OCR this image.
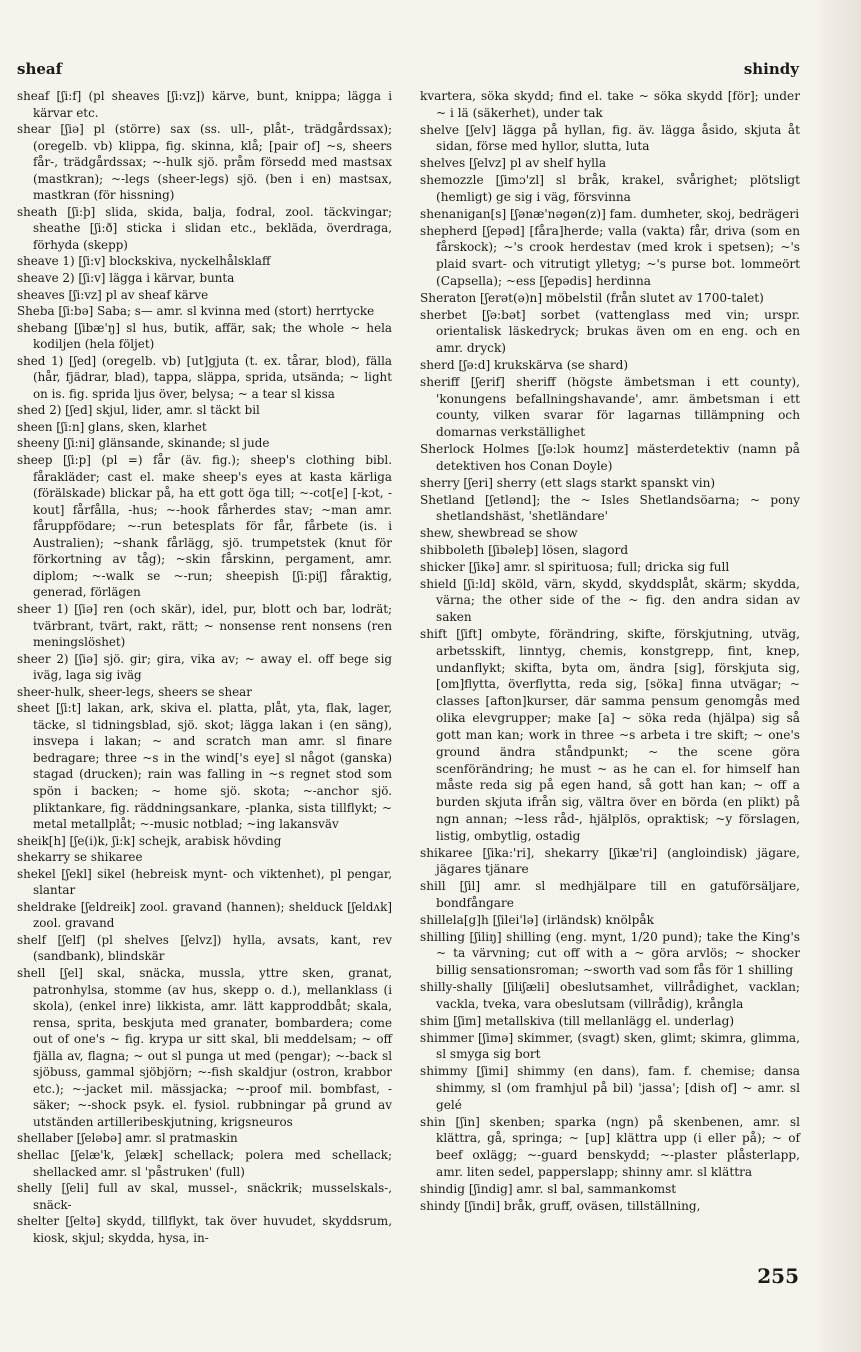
sheaf	shindy

sheaf [ʃi:f] (pl sheaves [ʃi:vz]) kärve, bunt, knippa; lägga i kärvar etc.

shear [ʃiə] pl (större) sax (ss. ull-, plåt-, trädgårdssax); (oregelb. vb) klippa, fig. skinna, klå; [pair of] ~s, sheers får-, trädgårdssax; ~-hulk sjö. pråm försedd med mastsax (mastkran); ~-legs (sheer-legs) sjö. (ben i en) mastsax, mastkran (för hissning)

sheath [ʃi:þ] slida, skida, balja, fodral, zool. täckvingar; sheathe [ʃi:ð] sticka i slidan etc., bekläda, överdraga, förhyda (skepp)

sheave 1) [ʃi:v] blockskiva, nyckelhålsklaff

sheave 2) [ʃi:v] lägga i kärvar, bunta

sheaves [ʃi:vz] pl av sheaf kärve

Sheba [ʃi:bə] Saba; s— amr. sl kvinna med (stort) herrtycke

shebang [ʃibæ'ŋ] sl hus, butik, affär, sak; the whole ~ hela kodiljen (hela följet)

shed 1) [ʃed] (oregelb. vb) [ut]gjuta (t. ex. tårar, blod), fälla (hår, fjädrar, blad), tappa, släppa, sprida, utsända; ~ light on is. fig. sprida ljus över, belysa; ~ a tear sl kissa

shed 2) [ʃed] skjul, lider, amr. sl täckt bil

sheen [ʃi:n] glans, sken, klarhet

sheeny [ʃi:ni] glänsande, skinande; sl jude

sheep [ʃi:p] (pl =) får (äv. fig.); sheep's clothing bibl. fårakläder; cast el. make sheep's eyes at kasta kärliga (förälskade) blickar på, ha ett gott öga till; ~-cot[e] [-kɔt, -kout] fårfålla, -hus; ~-hook fårherdes stav; ~man amr. fåruppfödare; ~-run betesplats för får, fårbete (is. i Australien); ~shank fårlägg, sjö. trumpetstek (knut för förkortning av tåg); ~skin fårskinn, pergament, amr. diplom; ~-walk se ~-run; sheepish [ʃi:piʃ] fåraktig, generad, förlägen

sheer 1) [ʃiə] ren (och skär), idel, pur, blott och bar, lodrät; tvärbrant, tvärt, rakt, rätt; ~ nonsense rent nonsens (ren meningslöshet)

sheer 2) [ʃiə] sjö. gir; gira, vika av; ~ away el. off bege sig iväg, laga sig iväg

sheer-hulk, sheer-legs, sheers se shear

sheet [ʃi:t] lakan, ark, skiva el. platta, plåt, yta, flak, lager, täcke, sl tidningsblad, sjö. skot; lägga lakan i (en säng), insvepa i lakan; ~ and scratch man amr. sl finare bedragare; three ~s in the wind['s eye] sl något (ganska) stagad (drucken); rain was falling in ~s regnet stod som spön i backen; ~ home sjö. skota; ~-anchor sjö. pliktankare, fig. räddningsankare, -planka, sista tillflykt; ~ metal metallplåt; ~-music notblad; ~ing lakansväv

sheik[h] [ʃe(i)k, ʃi:k] schejk, arabisk hövding

shekarry se shikaree

shekel [ʃekl] sikel (hebreisk mynt- och viktenhet), pl pengar, slantar

sheldrake [ʃeldreik] zool. gravand (hannen); shelduck [ʃeldʌk] zool. gravand

shelf [ʃelf] (pl shelves [ʃelvz]) hylla, avsats, kant, rev (sandbank), blindskär

shell [ʃel] skal, snäcka, mussla, yttre sken, granat, patronhylsa, stomme (av hus, skepp o. d.), mellanklass (i skola), (enkel inre) likkista, amr. lätt kapproddbåt; skala, rensa, sprita, beskjuta med granater, bombardera; come out of one's ~ fig. krypa ur sitt skal, bli meddelsam; ~ off fjälla av, flagna; ~ out sl punga ut med (pengar); ~-back sl sjöbuss, gammal sjöbjörn; ~-fish skaldjur (ostron, krabbor etc.); ~-jacket mil. mässjacka; ~-proof mil. bombfast, -säker; ~-shock psyk. el. fysiol. rubbningar på grund av utständen artilleribeskjutning, krigsneuros

shellaber [ʃeləbə] amr. sl pratmaskin

shellac [ʃelæ'k, ʃelæk] schellack; polera med schellack; shellacked amr. sl 'påstruken' (full)

shelly [ʃeli] full av skal, mussel-, snäckrik; musselskals-, snäck-

shelter [ʃeltə] skydd, tillflykt, tak över huvudet, skyddsrum, kiosk, skjul; skydda, hysa, in-

kvartera, söka skydd; find el. take ~ söka skydd [för]; under ~ i lä (säkerhet), under tak

shelve [ʃelv] lägga på hyllan, fig. äv. lägga åsido, skjuta åt sidan, förse med hyllor, slutta, luta

shelves [ʃelvz] pl av shelf hylla

shemozzle [ʃimɔ'zl] sl bråk, krakel, svårighet; plötsligt (hemligt) ge sig i väg, försvinna

shenanigan[s] [ʃənæ'nəgən(z)] fam. dumheter, skoj, bedrägeri

shepherd [ʃepəd] [fåra]herde; valla (vakta) får, driva (som en fårskock); ~'s crook herdestav (med krok i spetsen); ~'s plaid svart- och vitrutigt ylletyg; ~'s purse bot. lommeört (Capsella); ~ess [ʃepədis] herdinna

Sheraton [ʃerət(ə)n] möbelstil (från slutet av 1700-talet)

sherbet [ʃə:bət] sorbet (vattenglass med vin; urspr. orientalisk läskedryck; brukas även om en eng. och en amr. dryck)

sherd [ʃə:d] krukskärva (se shard)

sheriff [ʃerif] sheriff (högste ämbetsman i ett county), 'konungens befallningshavande', amr. ämbetsman i ett county, vilken svarar för lagarnas tillämpning och domarnas verkställighet

Sherlock Holmes [ʃə:lɔk houmz] mästerdetektiv (namn på detektiven hos Conan Doyle)

sherry [ʃeri] sherry (ett slags starkt spanskt vin)

Shetland [ʃetlənd]; the ~ Isles Shetlandsöarna; ~ pony shetlandshäst, 'shetländare'

shew, shewbread se show

shibboleth [ʃibəleþ] lösen, slagord

shicker [ʃikə] amr. sl spirituosa; full; dricka sig full

shield [ʃi:ld] sköld, värn, skydd, skyddsplåt, skärm; skydda, värna; the other side of the ~ fig. den andra sidan av saken

shift [ʃift] ombyte, förändring, skifte, förskjutning, utväg, arbetsskift, linntyg, chemis, konstgrepp, fint, knep, undanflykt; skifta, byta om, ändra [sig], förskjuta sig, [om]flytta, överflytta, reda sig, [söka] finna utvägar; ~ classes [afton]kurser, där samma pensum genomgås med olika elevgrupper; make [a] ~ söka reda (hjälpa) sig så gott man kan; work in three ~s arbeta i tre skift; ~ one's ground ändra ståndpunkt; ~ the scene göra scenförändring; he must ~ as he can el. for himself han måste reda sig på egen hand, så gott han kan; ~ off a burden skjuta ifrån sig, vältra över en börda (en plikt) på ngn annan; ~less råd-, hjälplös, opraktisk; ~y förslagen, listig, ombytlig, ostadig

shikaree [ʃika:'ri], shekarry [ʃikæ'ri] (angloindisk) jägare, jägares tjänare

shill [ʃil] amr. sl medhjälpare till en gatuförsäljare, bondfångare

shillela[g]h [ʃilei'lə] (irländsk) knölpåk

shilling [ʃiliŋ] shilling (eng. mynt, 1/20 pund); take the King's ~ ta värvning; cut off with a ~ göra arvlös; ~ shocker billig sensationsroman; ~sworth vad som fås för 1 shilling

shilly-shally [ʃiliʃæli] obeslutsamhet, villrådighet, vacklan; vackla, tveka, vara obeslutsam (villrådig), krångla

shim [ʃim] metallskiva (till mellanlägg el. underlag)

shimmer [ʃimə] skimmer, (svagt) sken, glimt; skimra, glimma, sl smyga sig bort

shimmy [ʃimi] shimmy (en dans), fam. f. chemise; dansa shimmy, sl (om framhjul på bil) 'jassa'; [dish of] ~ amr. sl gelé

shin [ʃin] skenben; sparka (ngn) på skenbenen, amr. sl klättra, gå, springa; ~ [up] klättra upp (i eller på); ~ of beef oxlägg; ~-guard benskydd; ~-plaster plåsterlapp, amr. liten sedel, papperslapp; shinny amr. sl klättra

shindig [ʃindig] amr. sl bal, sammankomst

shindy [ʃindi] bråk, gruff, oväsen, tillställning,

255
